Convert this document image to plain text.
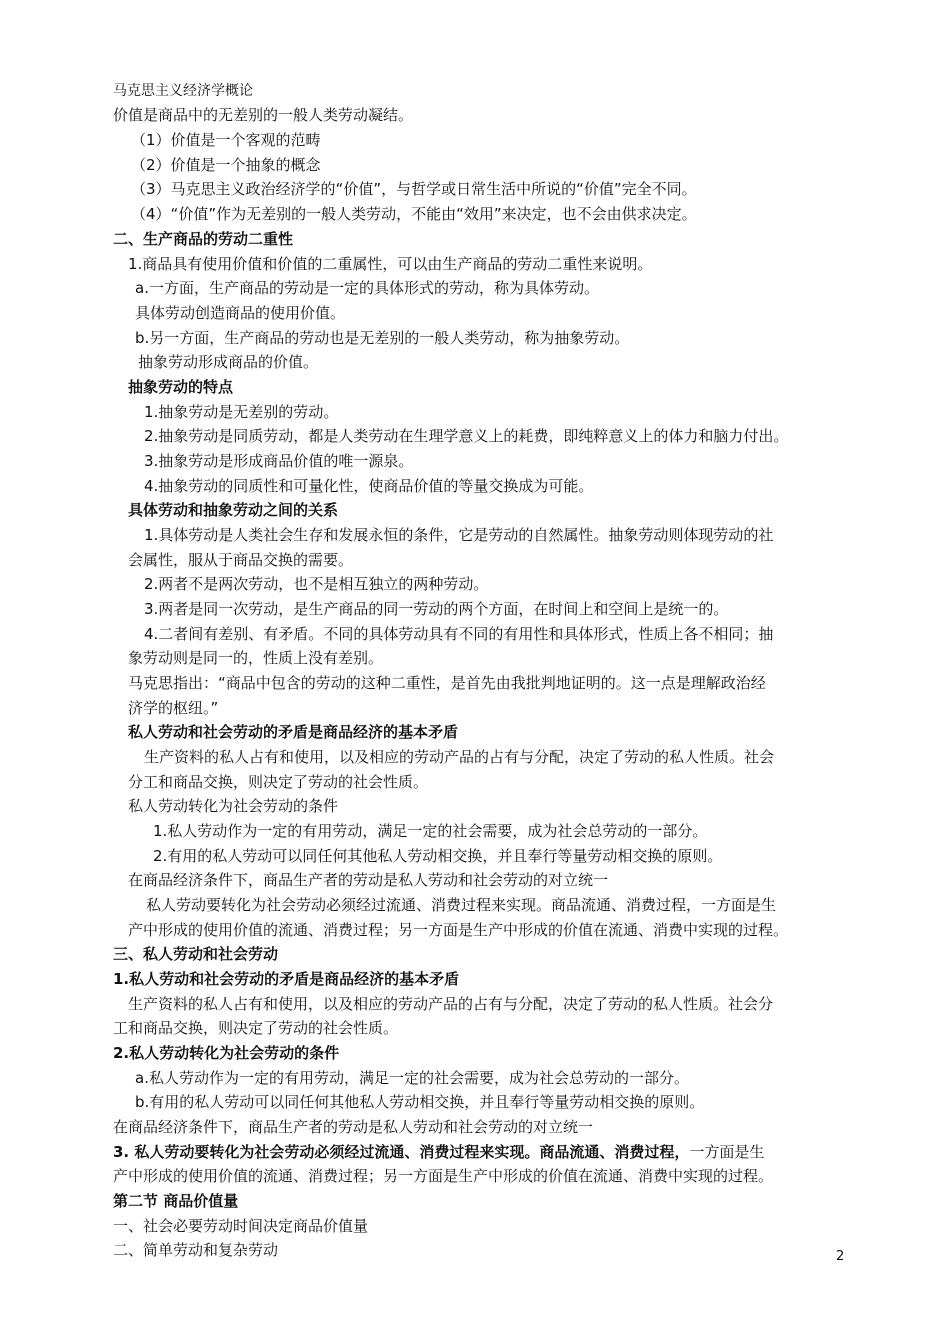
马克思主义经济学概论
价值是商品中的无差别的一般人类劳动凝结。
（1）价值是一个客观的范畴
（2）价值是一个抽象的概念
（3）马克思主义政治经济学的“价值”，与哲学或日常生活中所说的“价值”完全不同。
（4）“价值”作为无差别的一般人类劳动，不能由“效用”来决定，也不会由供求决定。
二、生产商品的劳动二重性
1.商品具有使用价值和价值的二重属性，可以由生产商品的劳动二重性来说明。
a.一方面，生产商品的劳动是一定的具体形式的劳动，称为具体劳动。
具体劳动创造商品的使用价值。
b.另一方面，生产商品的劳动也是无差别的一般人类劳动，称为抽象劳动。
抽象劳动形成商品的价值。
抽象劳动的特点
1.抽象劳动是无差别的劳动。
2.抽象劳动是同质劳动，都是人类劳动在生理学意义上的耗费，即纯粹意义上的体力和脑力付出。
3.抽象劳动是形成商品价值的唯一源泉。
4.抽象劳动的同质性和可量化性，使商品价值的等量交换成为可能。
具体劳动和抽象劳动之间的关系
1.具体劳动是人类社会生存和发展永恒的条件，它是劳动的自然属性。抽象劳动则体现劳动的社
会属性，服从于商品交换的需要。
2.两者不是两次劳动，也不是相互独立的两种劳动。
3.两者是同一次劳动，是生产商品的同一劳动的两个方面，在时间上和空间上是统一的。
4.二者间有差别、有矛盾。不同的具体劳动具有不同的有用性和具体形式，性质上各不相同；抽
象劳动则是同一的，性质上没有差别。
马克思指出：“商品中包含的劳动的这种二重性，是首先由我批判地证明的。这一点是理解政治经
济学的枢纽。”
私人劳动和社会劳动的矛盾是商品经济的基本矛盾
生产资料的私人占有和使用，以及相应的劳动产品的占有与分配，决定了劳动的私人性质。社会
分工和商品交换，则决定了劳动的社会性质。
私人劳动转化为社会劳动的条件
1.私人劳动作为一定的有用劳动，满足一定的社会需要，成为社会总劳动的一部分。
2.有用的私人劳动可以同任何其他私人劳动相交换，并且奉行等量劳动相交换的原则。
在商品经济条件下，商品生产者的劳动是私人劳动和社会劳动的对立统一
私人劳动要转化为社会劳动必须经过流通、消费过程来实现。商品流通、消费过程，一方面是生
产中形成的使用价值的流通、消费过程；另一方面是生产中形成的价值在流通、消费中实现的过程。
三、私人劳动和社会劳动
1.私人劳动和社会劳动的矛盾是商品经济的基本矛盾
生产资料的私人占有和使用，以及相应的劳动产品的占有与分配，决定了劳动的私人性质。社会分
工和商品交换，则决定了劳动的社会性质。
2.私人劳动转化为社会劳动的条件
a.私人劳动作为一定的有用劳动，满足一定的社会需要，成为社会总劳动的一部分。
b.有用的私人劳动可以同任何其他私人劳动相交换，并且奉行等量劳动相交换的原则。
在商品经济条件下，商品生产者的劳动是私人劳动和社会劳动的对立统一
3. 私人劳动要转化为社会劳动必须经过流通、消费过程来实现。商品流通、消费过程，一方面是生
产中形成的使用价值的流通、消费过程；另一方面是生产中形成的价值在流通、消费中实现的过程。
第二节 商品价值量
一、社会必要劳动时间决定商品价值量
二、简单劳动和复杂劳动	2
